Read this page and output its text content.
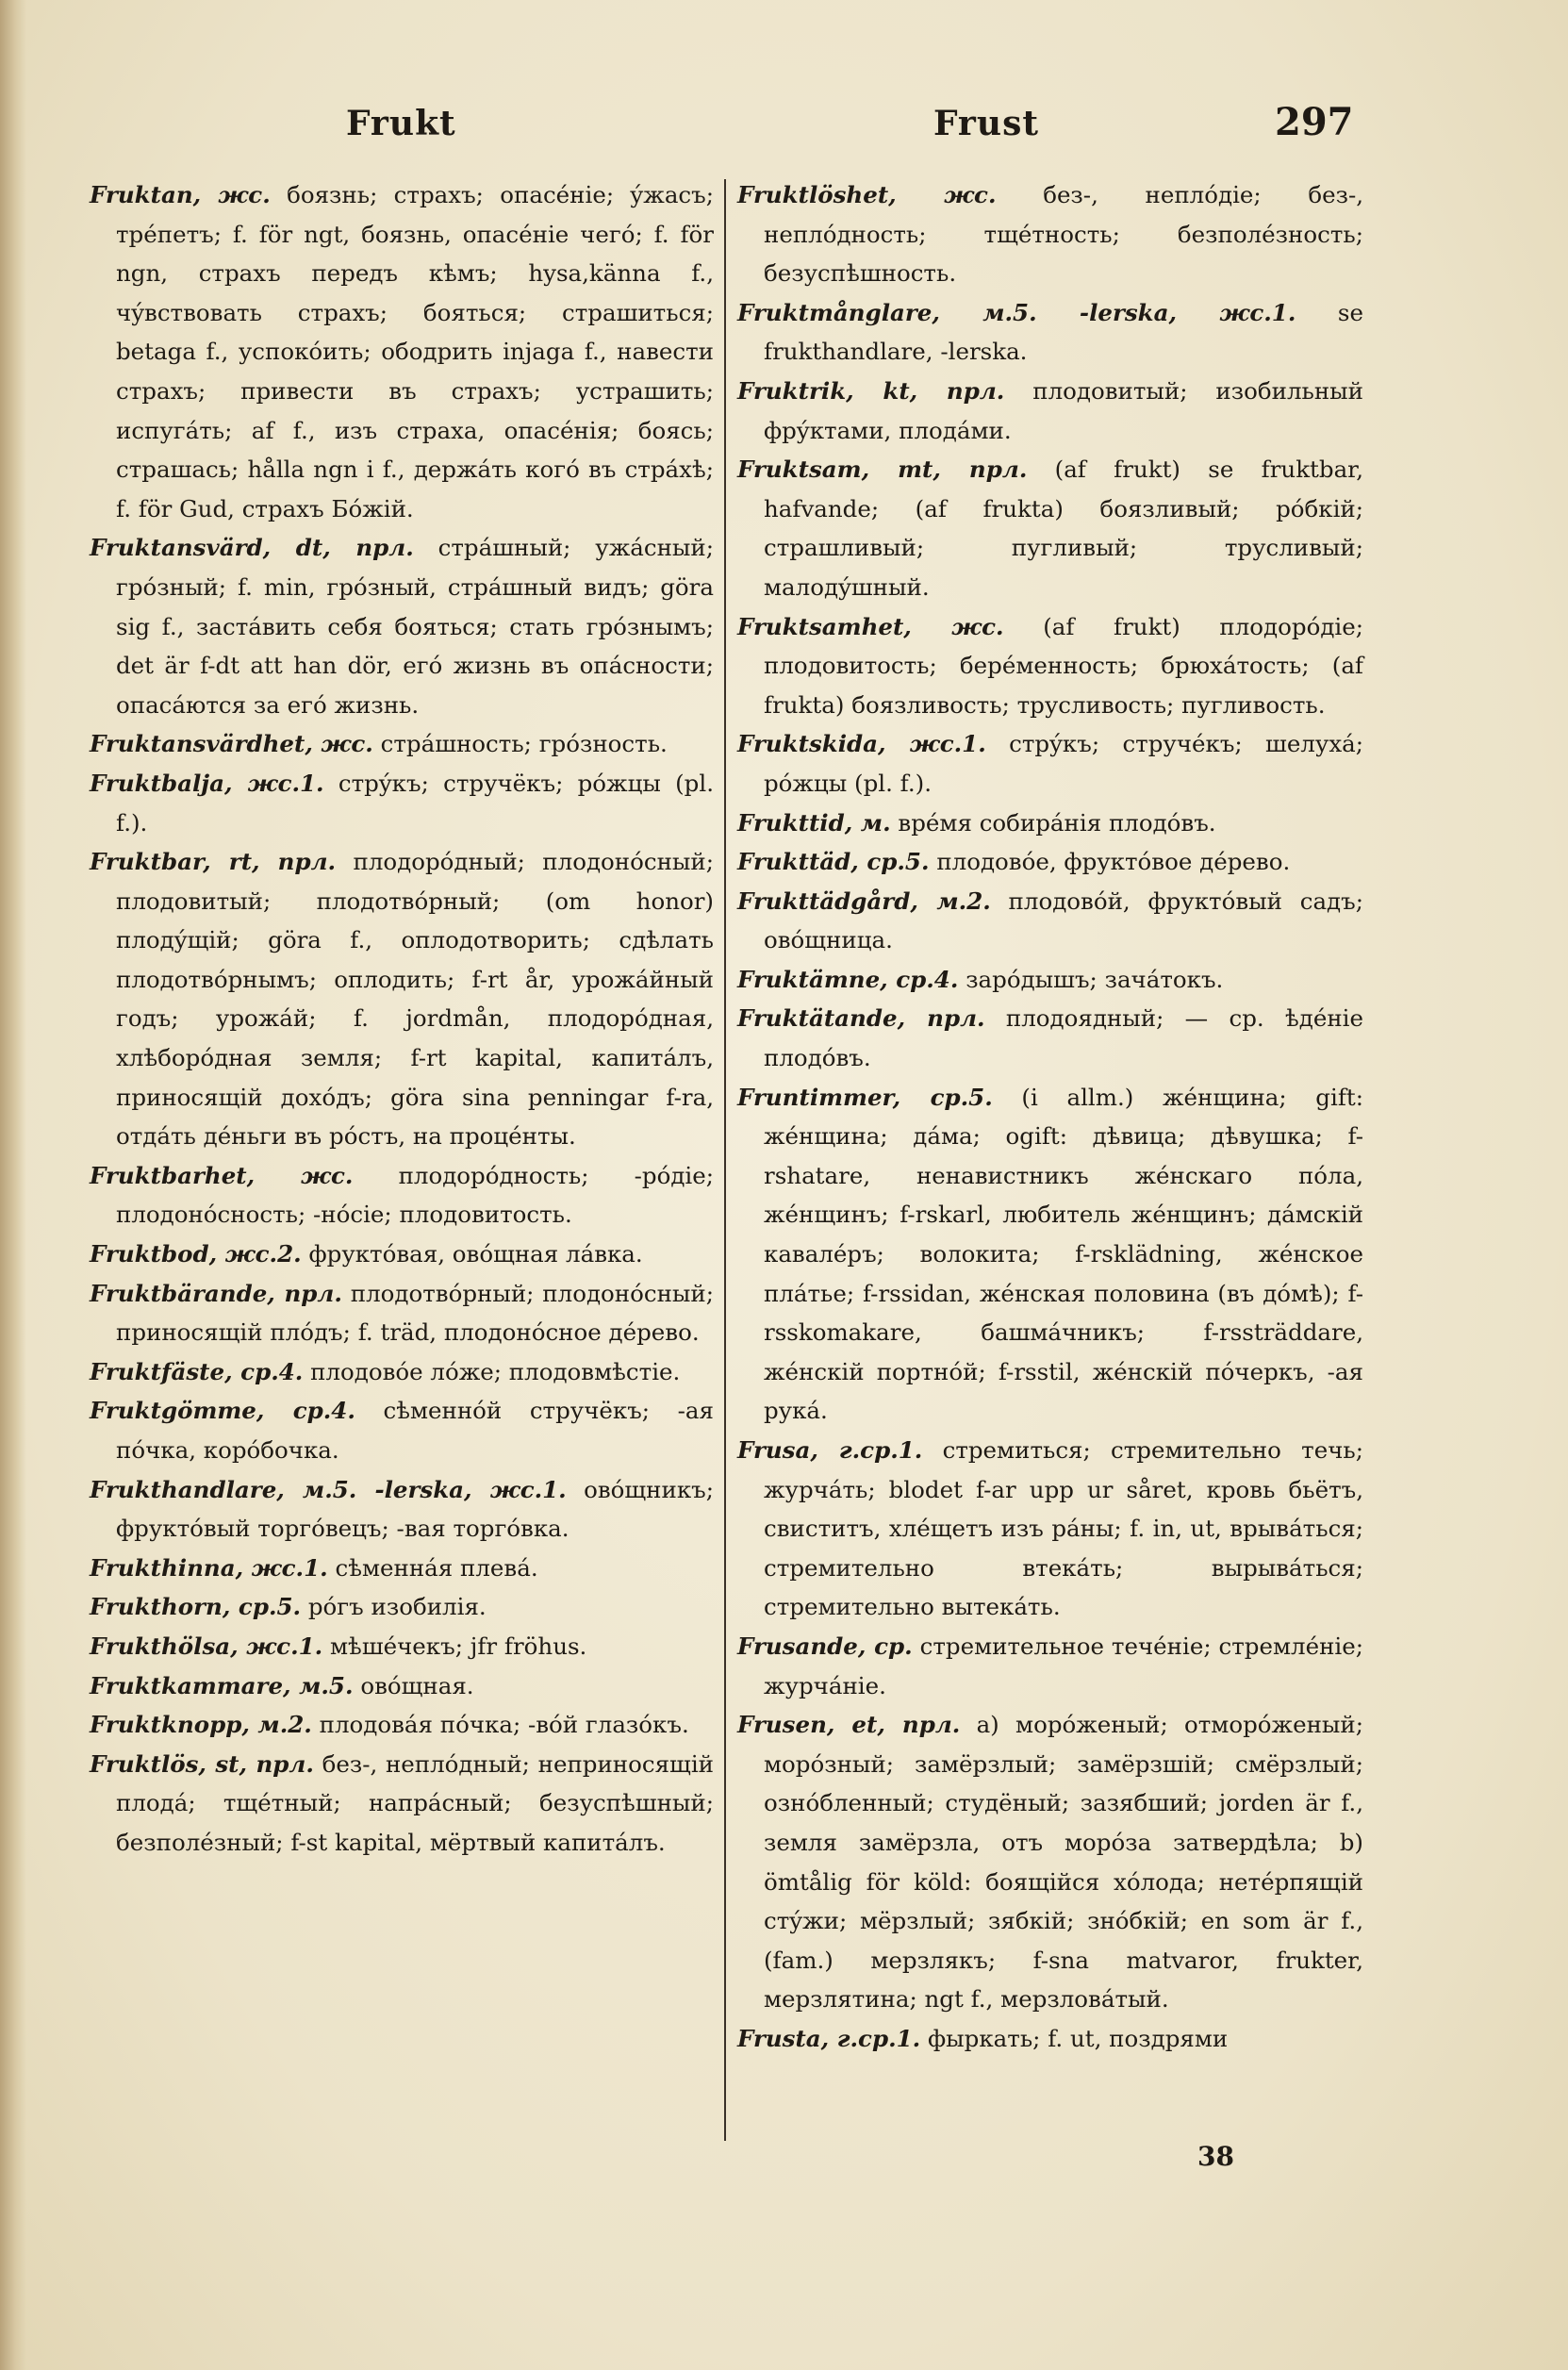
Frukt	Frust	297

Fruktan, жс. боязнь; страхъ; опасéнiе; ýжасъ; трéпетъ; f. för ngt, боязнь, опасéнiе чегó; f. för ngn, страхъ передъ кѣмъ; hysa,känna f., чýвствовать страхъ; бояться; страшиться; betaga f., успокóить; ободрить injaga f., навести страхъ; привести въ страхъ; устрашить; испугáть; af f., изъ страха, опасéнiя; боясь; страшась; hålla ngn i f., держáть когó въ стрáхѣ; f. för Gud, страхъ Бóжiй.

Fruktansvärd, dt, прл. стрáшный; ужáсный; грóзный; f. min, грóзный, стрáшный видъ; göra sig f., застáвить себя бояться; стать грóзнымъ; det är f-dt att han dör, егó жизнь въ опáсности; опасáются за егó жизнь.

Fruktansvärdhet, жс. стрáшность; грóзность.

Fruktbalja, жс.1. стрýкъ; стручёкъ; рóжцы (pl. f.).

Fruktbar, rt, прл. плодорóдный; плодонóсный; плодовитый; плодотвóрный; (om honor) плодýщiй; göra f., оплодотворить; сдѣлать плодотвóрнымъ; оплодить; f-rt år, урожáйный годъ; урожáй; f. jordmån, плодорóдная, хлѣборóдная земля; f-rt kapital, капитáлъ, приносящiй дохóдъ; göra sina penningar f-ra, отдáть дéньги въ рóстъ, на процéнты.

Fruktbarhet, жс. плодорóдность; -рóдiе; плодонóсность; -нóсiе; плодовитость.

Fruktbod, жс.2. фруктóвая, овóщная лáвка.

Fruktbärande, прл. плодотвóрный; плодонóсный; приносящiй плóдъ; f. träd, плодонóсное дéрево.

Fruktfäste, ср.4. плодовóе лóже; плодовмѣстiе.

Fruktgömme, ср.4. сѣменнóй стручёкъ; -ая пóчка, корóбочка.

Frukthandlare, м.5. -lerska, жс.1. овóщникъ; фруктóвый торгóвецъ; -вая торгóвка.

Frukthinna, жс.1. сѣменнáя плевá.

Frukthorn, ср.5. рóгъ изобилiя.

Frukthölsa, жс.1. мѣшéчекъ; jfr fröhus.

Fruktkammare, м.5. овóщная.

Fruktknopp, м.2. плодовáя пóчка; -вóй глазóкъ.

Fruktlös, st, прл. без-, неплóдный; неприносящiй плодá; тщéтный; напрáсный; безуспѣшный; безполéзный; f-st kapital, мёртвый капитáлъ.

Fruktlöshet, жс. без-, неплóдiе; без-, неплóдность; тщéтность; безполéзность; безуспѣшность.

Fruktmånglare, м.5. -lerska, жс.1. se frukthandlare, -lerska.

Fruktrik, kt, прл. плодовитый; изобильный фрýктами, плодáми.

Fruktsam, mt, прл. (af frukt) se fruktbar, hafvande; (af frukta) боязливый; рóбкiй; страшливый; пугливый; трусливый; малодýшный.

Fruktsamhet, жс. (af frukt) плодорóдiе; плодовитость; берéменность; брюхáтость; (af frukta) боязливость; трусливость; пугливость.

Fruktskida, жс.1. стрýкъ; стручéкъ; шелухá; рóжцы (pl. f.).

Frukttid, м. врéмя собирáнiя плодóвъ.

Frukttäd, ср.5. плодовóе, фруктóвое дéрево.

Frukttädgård, м.2. плодовóй, фруктóвый садъ; овóщница.

Fruktämne, ср.4. зарóдышъ; зачáтокъ.

Fruktätande, прл. плодоядный; — ср. ѣдéнiе плодóвъ.

Fruntimmer, ср.5. (i allm.) жéнщина; gift: жéнщина; дáма; ogift: дѣвица; дѣвушка; f-rshatare, ненавистникъ жéнскаго пóла, жéнщинъ; f-rskarl, любитель жéнщинъ; дáмскiй кавалéръ; волокита; f-rsklädning, жéнское плáтье; f-rssidan, жéнская половина (въ дóмѣ); f-rsskomakare, башмáчникъ; f-rssträddare, жéнскiй портнóй; f-rsstil, жéнскiй пóчеркъ, -ая рукá.

Frusa, г.ср.1. стремиться; стремительно течь; журчáть; blodet f-ar upp ur såret, кровь бьётъ, свиститъ, хлéщетъ изъ рáны; f. in, ut, врывáться; стремительно втекáть; вырывáться; стремительно вытекáть.

Frusande, ср. стремительное течéнiе; стремлéнiе; журчáнiе.

Frusen, et, прл. a) морóженый; отморóженый; морóзный; замёрзлый; замёрзшiй; смёрзлый; ознóбленный; студёный; зазябший; jorden är f., земля замёрзла, отъ морóза затвердѣла; b) ömtålig för köld: боящiйся хóлода; нетéрпящiй стýжи; мёрзлый; зябкiй; знóбкiй; en som är f., (fam.) мерзлякъ; f-sna matvaror, frukter, мерзлятина; ngt f., мерзловáтый.

Frusta, г.ср.1. фыркать; f. ut, поздрями

38
